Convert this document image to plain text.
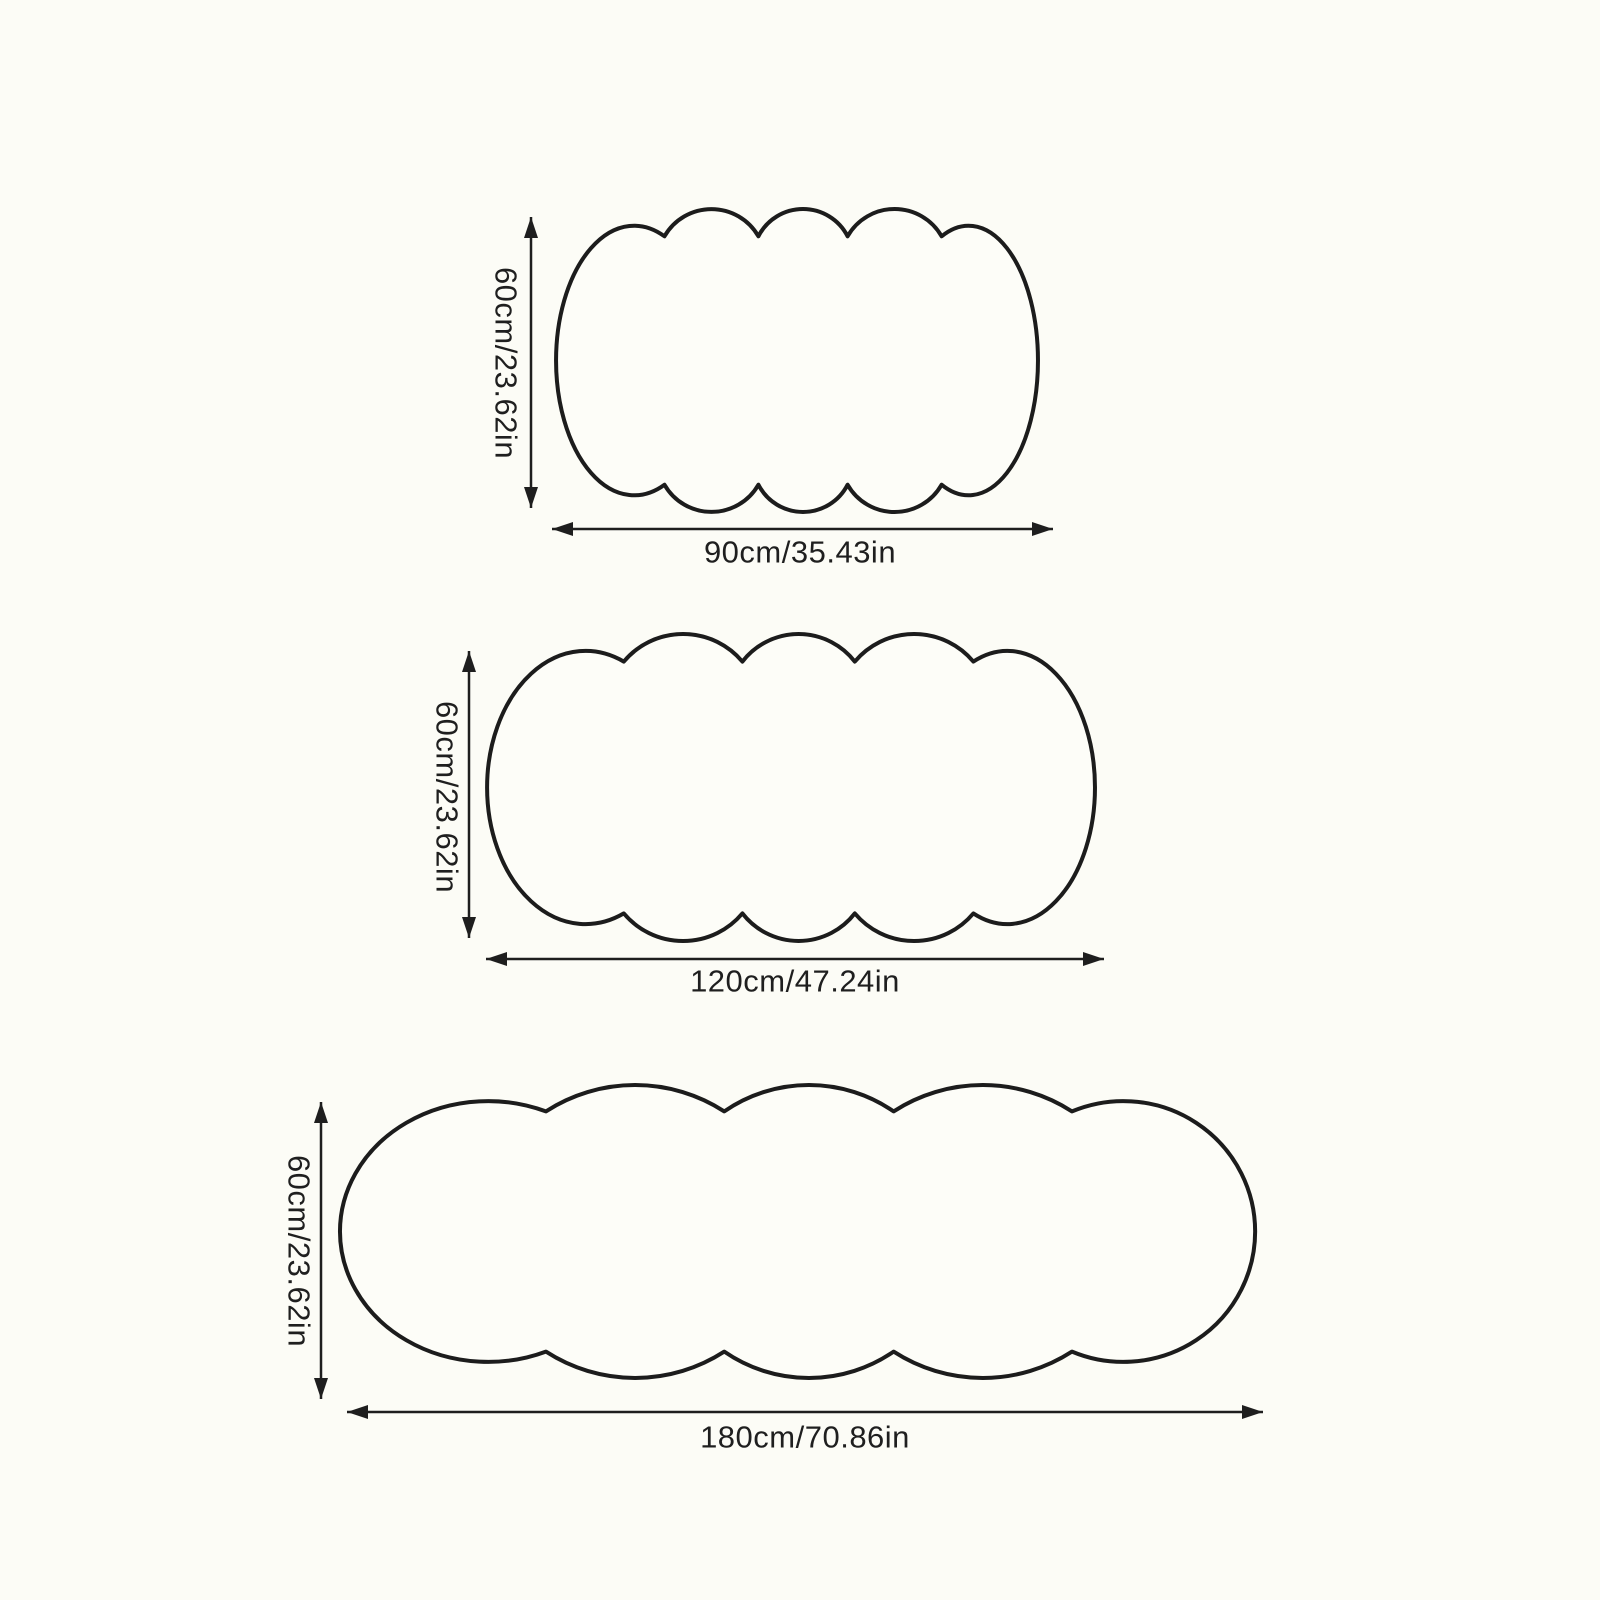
60cm/23.62in
90cm/35.43in
60cm/23.62in
120cm/47.24in
60cm/23.62in
180cm/70.86in
